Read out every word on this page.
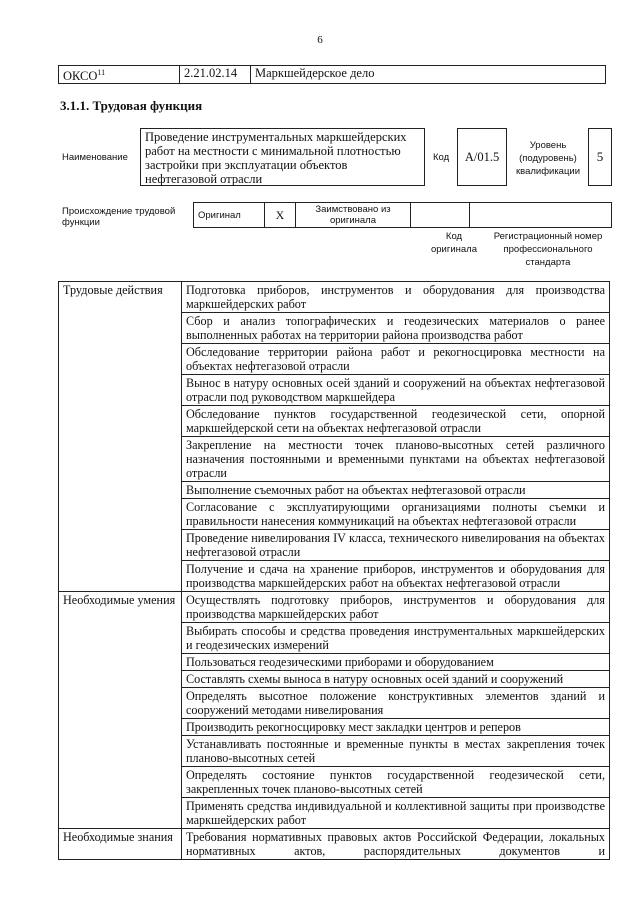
6
ОКСО$^{11}$	2.21.02.14	Маркшейдерское дело
3.1.1. Трудовая функция
Наименование
Проведение инструментальных маркшейдерских работ на местности с минимальной плотностью застройки при эксплуатации объектов нефтегазовой отрасли
Код	А/01.5
Уровень (подуровень) квалификации
5
Происхождение трудовой функции
Оригинал	X	Заимствовано из оригинала		
Код оригинала
Регистрационный номер профессионального стандарта
Трудовые действия	Подготовка приборов, инструментов и оборудования для производства маркшейдерских работ
	Сбор и анализ топографических и геодезических материалов о ранее выполненных работах на территории района производства работ
	Обследование территории района работ и рекогносцировка местности на объектах нефтегазовой отрасли
	Вынос в натуру основных осей зданий и сооружений на объектах нефтегазовой отрасли под руководством маркшейдера
	Обследование пунктов государственной геодезической сети, опорной маркшейдерской сети на объектах нефтегазовой отрасли
	Закрепление на местности точек планово-высотных сетей различного назначения постоянными и временными пунктами на объектах нефтегазовой отрасли
	Выполнение съемочных работ на объектах нефтегазовой отрасли
	Согласование с эксплуатирующими организациями полноты съемки и правильности нанесения коммуникаций на объектах нефтегазовой отрасли
	Проведение нивелирования IV класса, технического нивелирования на объектах нефтегазовой отрасли
	Получение и сдача на хранение приборов, инструментов и оборудования для производства маркшейдерских работ на объектах нефтегазовой отрасли
Необходимые умения	Осуществлять подготовку приборов, инструментов и оборудования для производства маркшейдерских работ
	Выбирать способы и средства проведения инструментальных маркшейдерских и геодезических измерений
	Пользоваться геодезическими приборами и оборудованием
	Составлять схемы выноса в натуру основных осей зданий и сооружений
	Определять высотное положение конструктивных элементов зданий и сооружений методами нивелирования
	Производить рекогносцировку мест закладки центров и реперов
	Устанавливать постоянные и временные пункты в местах закрепления точек планово-высотных сетей
	Определять состояние пунктов государственной геодезической сети, закрепленных точек планово-высотных сетей
	Применять средства индивидуальной и коллективной защиты при производстве маркшейдерских работ
Необходимые знания	Требования нормативных правовых актов Российской Федерации, локальных нормативных актов, распорядительных документов и
